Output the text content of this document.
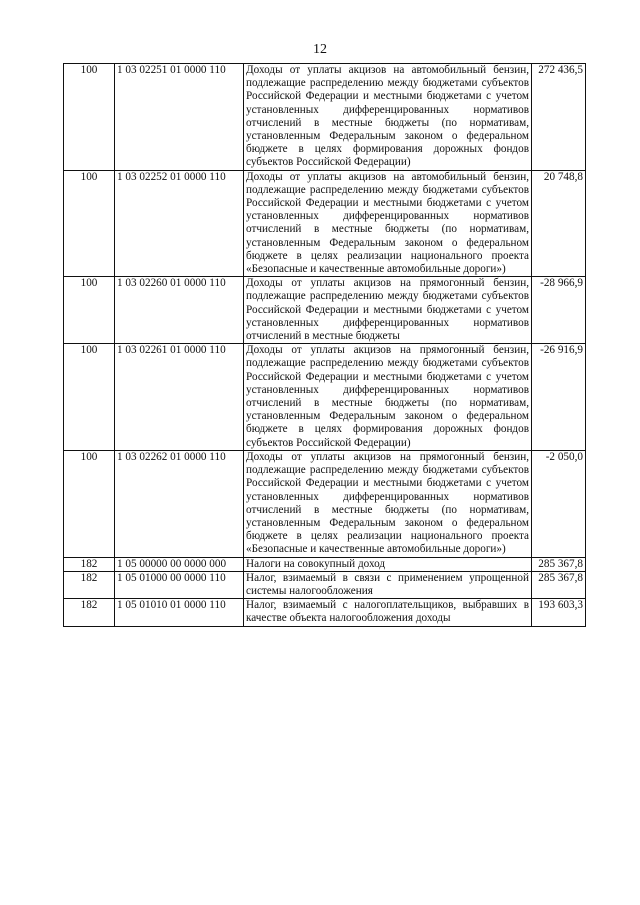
12
100	1 03 02251 01 0000 110	Доходы от уплаты акцизов на автомобильный бензин, подлежащие распределению между бюджетами субъектов Российской Федерации и местными бюджетами с учетом установленных дифференцированных нормативов отчислений в местные бюджеты (по нормативам, установленным Федеральным законом о федеральном бюджете в целях формирования дорожных фондов субъектов Российской Федерации)	272 436,5
100	1 03 02252 01 0000 110	Доходы от уплаты акцизов на автомобильный бензин, подлежащие распределению между бюджетами субъектов Российской Федерации и местными бюджетами с учетом установленных дифференцированных нормативов отчислений в местные бюджеты (по нормативам, установленным Федеральным законом о федеральном бюджете в целях реализации национального проекта «Безопасные и качественные автомобильные дороги»)	20 748,8
100	1 03 02260 01 0000 110	Доходы от уплаты акцизов на прямогонный бензин, подлежащие распределению между бюджетами субъектов Российской Федерации и местными бюджетами с учетом установленных дифференцированных нормативов отчислений в местные бюджеты	-28 966,9
100	1 03 02261 01 0000 110	Доходы от уплаты акцизов на прямогонный бензин, подлежащие распределению между бюджетами субъектов Российской Федерации и местными бюджетами с учетом установленных дифференцированных нормативов отчислений в местные бюджеты (по нормативам, установленным Федеральным законом о федеральном бюджете в целях формирования дорожных фондов субъектов Российской Федерации)	-26 916,9
100	1 03 02262 01 0000 110	Доходы от уплаты акцизов на прямогонный бензин, подлежащие распределению между бюджетами субъектов Российской Федерации и местными бюджетами с учетом установленных дифференцированных нормативов отчислений в местные бюджеты (по нормативам, установленным Федеральным законом о федеральном бюджете в целях реализации национального проекта «Безопасные и качественные автомобильные дороги»)	-2 050,0
182	1 05 00000 00 0000 000	Налоги на совокупный доход	285 367,8
182	1 05 01000 00 0000 110	Налог, взимаемый в связи с применением упрощенной системы налогообложения	285 367,8
182	1 05 01010 01 0000 110	Налог, взимаемый с налогоплательщиков, выбравших в качестве объекта налогообложения доходы	193 603,3
